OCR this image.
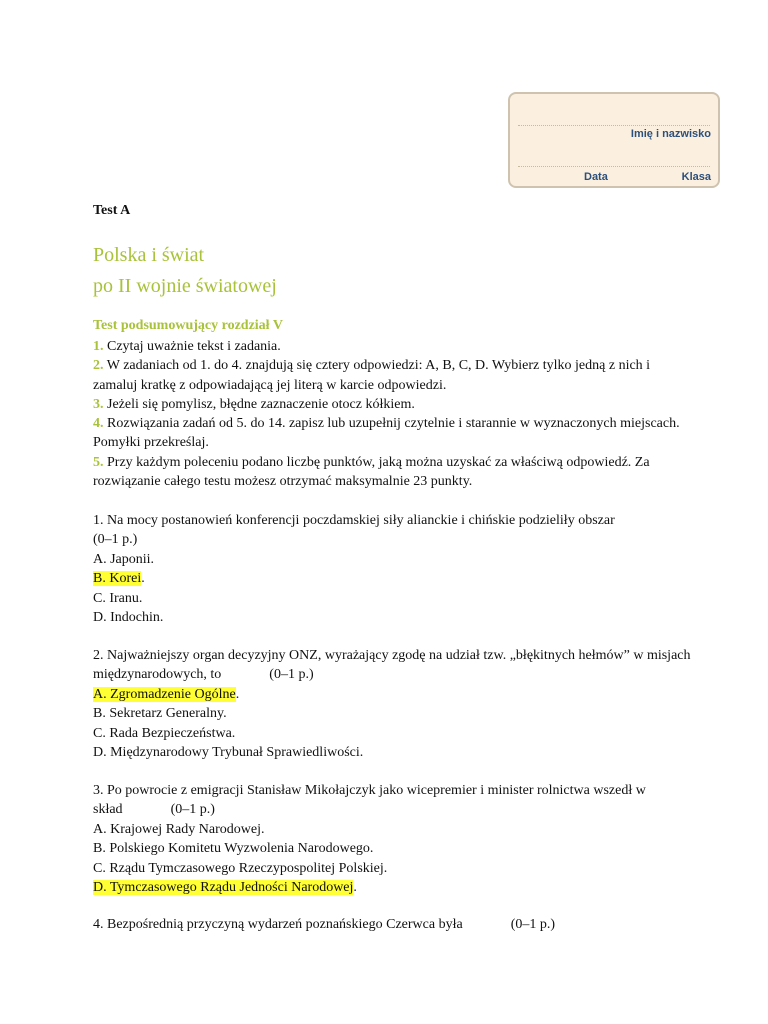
Imię i nazwisko
Data	Klasa
Test A
Polska i świat
po II wojnie światowej
Test podsumowujący rozdział V
1. Czytaj uważnie tekst i zadania.
2. W zadaniach od 1. do 4. znajdują się cztery odpowiedzi: A, B, C, D. Wybierz tylko jedną z nich i zamaluj kratkę z odpowiadającą jej literą w karcie odpowiedzi.
3. Jeżeli się pomylisz, błędne zaznaczenie otocz kółkiem.
4. Rozwiązania zadań od 5. do 14. zapisz lub uzupełnij czytelnie i starannie w wyznaczonych miejscach. Pomyłki przekreślaj.
5. Przy każdym poleceniu podano liczbę punktów, jaką można uzyskać za właściwą odpowiedź. Za rozwiązanie całego testu możesz otrzymać maksymalnie 23 punkty.
1. Na mocy postanowień konferencji poczdamskiej siły alianckie i chińskie podzieliły obszar
(0–1 p.)
A. Japonii.
B. Korei.
C. Iranu.
D. Indochin.
2. Najważniejszy organ decyzyjny ONZ, wyrażający zgodę na udział tzw. „błękitnych hełmów” w misjach międzynarodowych, to	(0–1 p.)
A. Zgromadzenie Ogólne.
B. Sekretarz Generalny.
C. Rada Bezpieczeństwa.
D. Międzynarodowy Trybunał Sprawiedliwości.
3. Po powrocie z emigracji Stanisław Mikołajczyk jako wicepremier i minister rolnictwa wszedł w skład	(0–1 p.)
A. Krajowej Rady Narodowej.
B. Polskiego Komitetu Wyzwolenia Narodowego.
C. Rządu Tymczasowego Rzeczypospolitej Polskiej.
D. Tymczasowego Rządu Jedności Narodowej.
4. Bezpośrednią przyczyną wydarzeń poznańskiego Czerwca była	(0–1 p.)
